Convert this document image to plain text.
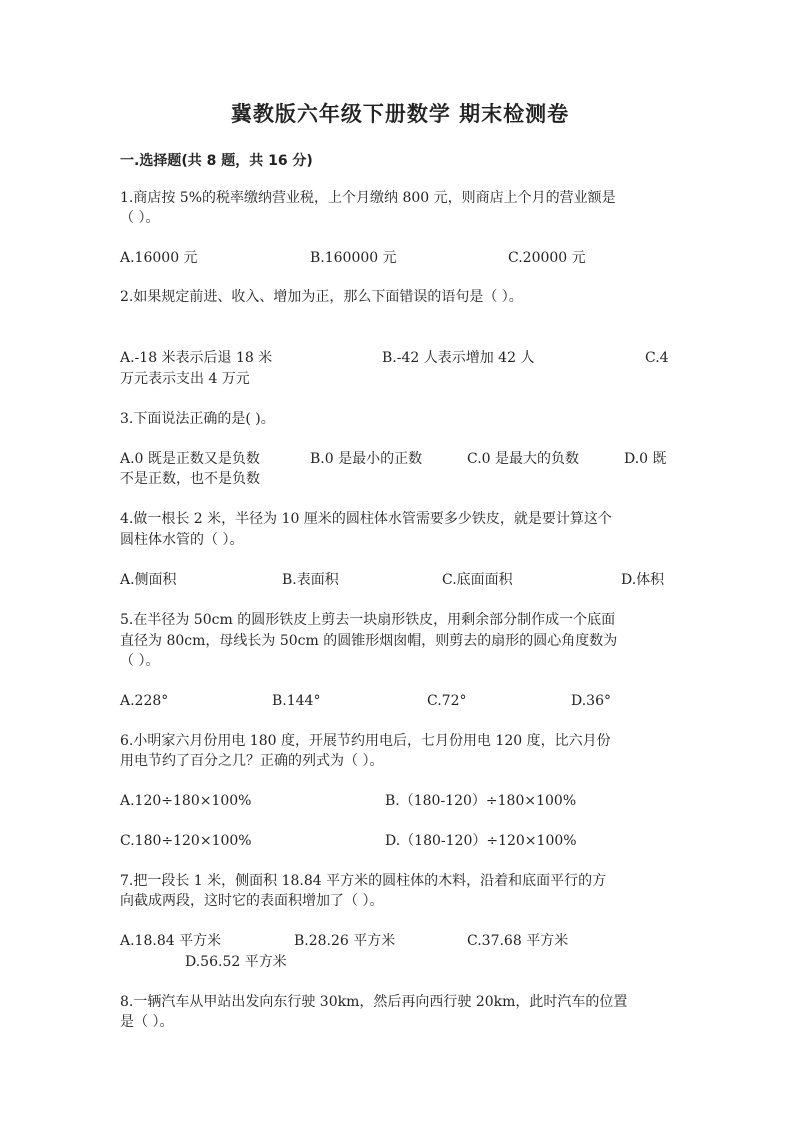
冀教版六年级下册数学 期末检测卷
一.选择题(共 8 题，共 16 分)
1.商店按 5%的税率缴纳营业税，上个月缴纳 800 元，则商店上个月的营业额是
（ ）。
A.16000 元	B.160000 元	C.20000 元
2.如果规定前进、收入、增加为正，那么下面错误的语句是（ ）。
A.-18 米表示后退 18 米	B.-42 人表示增加 42 人	C.4
万元表示支出 4 万元
3.下面说法正确的是( )。
A.0 既是正数又是负数	B.0 是最小的正数	C.0 是最大的负数	D.0 既
不是正数，也不是负数
4.做一根长 2 米，半径为 10 厘米的圆柱体水管需要多少铁皮，就是要计算这个
圆柱体水管的（ ）。
A.侧面积	B.表面积	C.底面面积	D.体积
5.在半径为 50cm 的圆形铁皮上剪去一块扇形铁皮，用剩余部分制作成一个底面
直径为 80cm，母线长为 50cm 的圆锥形烟囱帽，则剪去的扇形的圆心角度数为
（ ）。
A.228°	B.144°	C.72°	D.36°
6.小明家六月份用电 180 度，开展节约用电后，七月份用电 120 度，比六月份
用电节约了百分之几？正确的列式为（ ）。
A.120÷180×100%	B.（180-120）÷180×100%
C.180÷120×100%	D.（180-120）÷120×100%
7.把一段长 1 米，侧面积 18.84 平方米的圆柱体的木料，沿着和底面平行的方
向截成两段，这时它的表面积增加了（ ）。
A.18.84 平方米	B.28.26 平方米	C.37.68 平方米
D.56.52 平方米
8.一辆汽车从甲站出发向东行驶 30km，然后再向西行驶 20km，此时汽车的位置
是（ ）。
